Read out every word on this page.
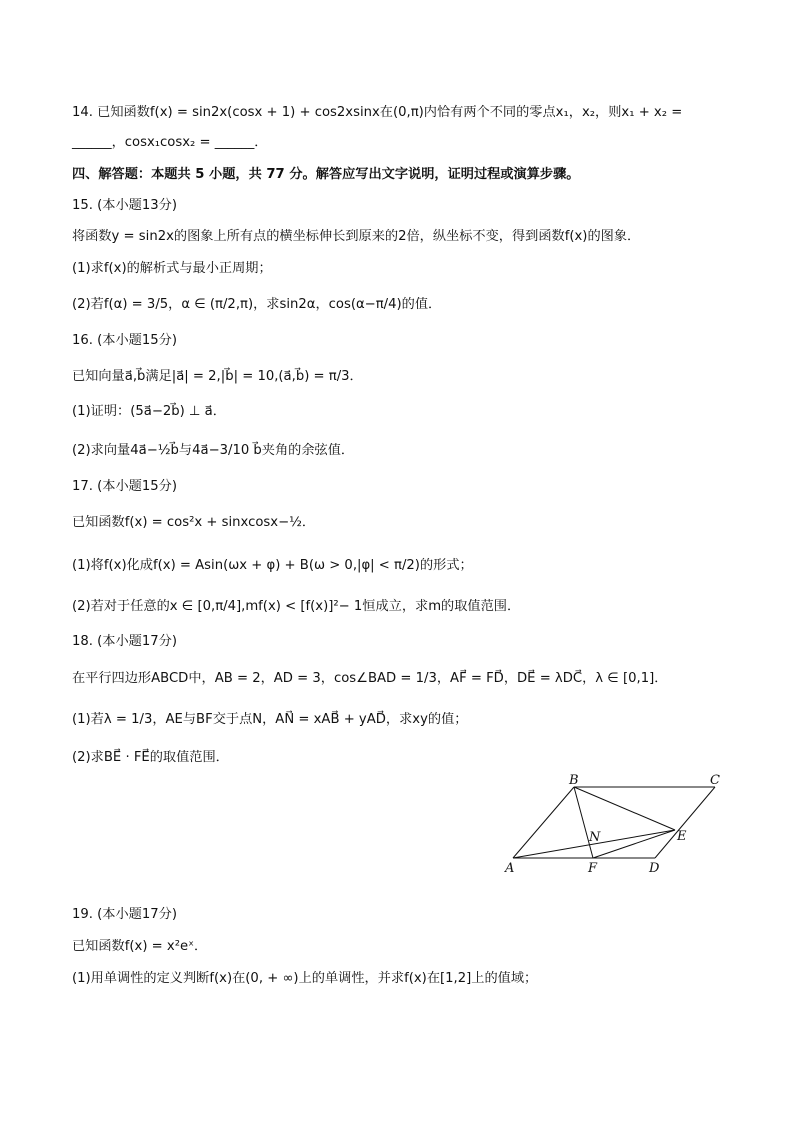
14. 已知函数f(x) = sin2x(cosx + 1) + cos2xsinx在(0,π)内恰有两个不同的零点x₁，x₂，则x₁ + x₂ =
______，cosx₁cosx₂ = ______．
四、解答题：本题共 5 小题，共 77 分。解答应写出文字说明，证明过程或演算步骤。
15. (本小题13分)
将函数y = sin2x的图象上所有点的横坐标伸长到原来的2倍，纵坐标不变，得到函数f(x)的图象．
(1)求f(x)的解析式与最小正周期；
(2)若f(α) = 3/5，α ∈ (π/2,π)，求sin2α，cos(α−π/4)的值．
16. (本小题15分)
已知向量a⃗,b⃗满足|a⃗| = 2,|b⃗| = 10,(a⃗,b⃗) = π/3．
(1)证明：(5a⃗−2b⃗) ⊥ a⃗．
(2)求向量4a⃗−½b⃗与4a⃗−3/10 b⃗夹角的余弦值．
17. (本小题15分)
已知函数f(x) = cos²x + sinxcosx−½．
(1)将f(x)化成f(x) = Asin(ωx + φ) + B(ω > 0,|φ| < π/2)的形式；
(2)若对于任意的x ∈ [0,π/4],mf(x) < [f(x)]²− 1恒成立，求m的取值范围．
18. (本小题17分)
在平行四边形ABCD中，AB = 2，AD = 3，cos∠BAD = 1/3，AF⃗ = FD⃗，DE⃗ = λDC⃗，λ ∈ [0,1]．
(1)若λ = 1/3，AE与BF交于点N，AN⃗ = xAB⃗ + yAD⃗，求xy的值；
(2)求BE⃗ · FE⃗的取值范围．
A
B	C
D
E
F
N
19. (本小题17分)
已知函数f(x) = x²eˣ．
(1)用单调性的定义判断f(x)在(0, + ∞)上的单调性，并求f(x)在[1,2]上的值域；
